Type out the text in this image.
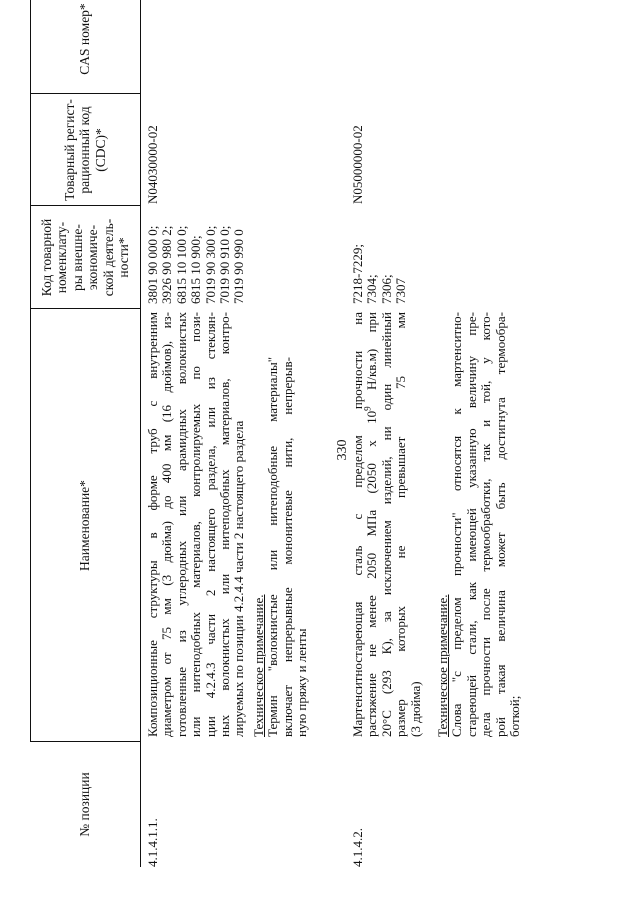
330
№ позиции
Наименование*
Код товарной номенклату- ры внешне- экономиче- ской деятель- ности*
Товарный регист- рационный код (CDC)*
CAS номер*
4.1.4.1.1.

Композиционные структуры в форме труб с внутренним диаметром от 75 мм (3 дюйма) до 400 мм (16 дюймов), из- готовленные из углеродных или арамидных волокнистых или нитеподобных материалов, контролируемых по пози- ции 4.2.4.3 части 2 настоящего раздела, или из стеклян- ных волокнистых или нитеподобных материалов, контро- лируемых по позиции 4.2.4.4 части 2 настоящего раздела Техническое примечание. Термин "волокнистые или нитеподобные материалы" включает непрерывные мононитевые нити, непрерыв- ную пряжу и ленты

3801 90 000 0; 3926 90 980 2; 6815 10 100 0; 6815 10 900; 7019 90 300 0; 7019 90 910 0; 7019 90 990 0
N04030000-02
4.1.4.2.

Мартенситностареющая сталь с пределом прочности на растяжение не менее 2050 МПа (2050 x $10^9$ Н/кв.м) при 20°С (293 К), за исключением изделий, ни один линейный размер которых не превышает 75 мм

(3 дюйма) Техническое примечание. Слова "с пределом прочности" относятся к мартенситно- стареющей стали, как имеющей указанную величину пре- дела прочности после термообработки, так и той, у кото- рой такая величина может быть достигнута термообра- боткой;

7218-7229; 7304; 7306; 7307
N05000000-02
